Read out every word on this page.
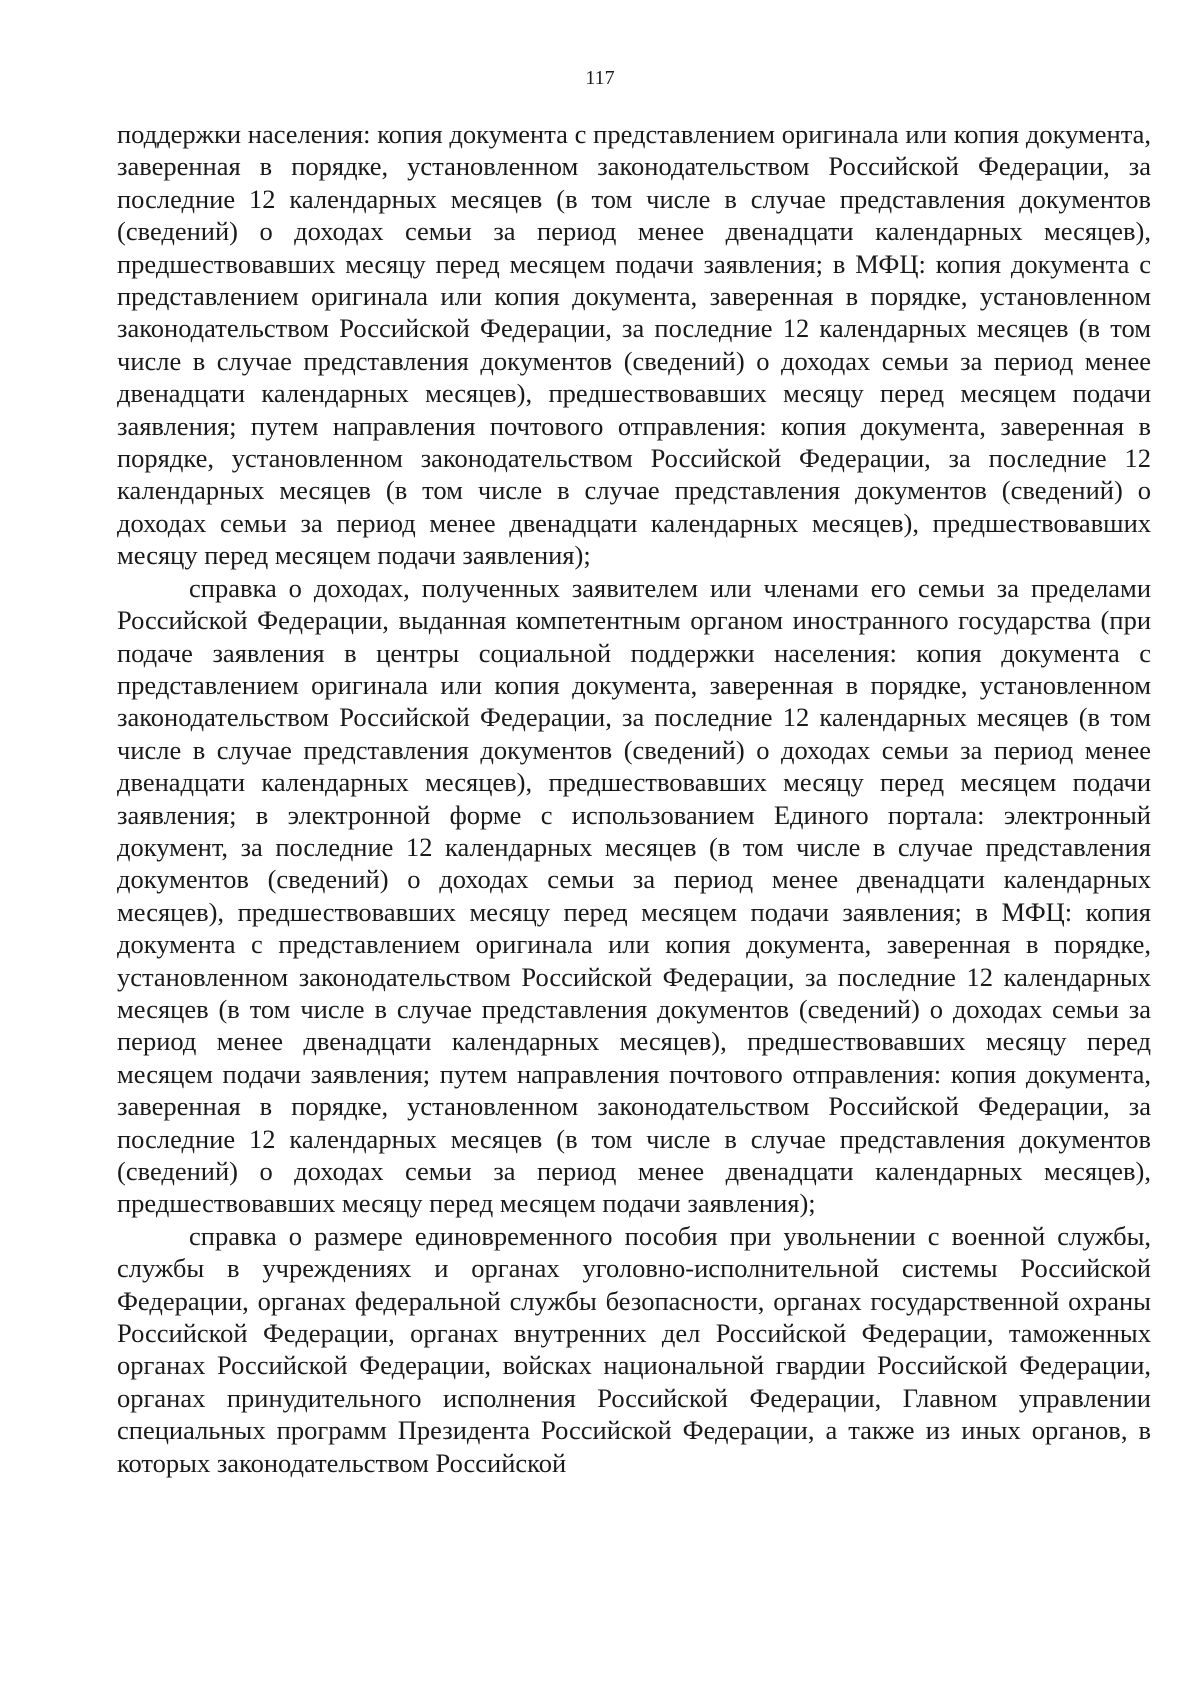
117

поддержки населения: копия документа с представлением оригинала или копия документа, заверенная в порядке, установленном законодательством Российской Федерации, за последние 12 календарных месяцев (в том числе в случае представления документов (сведений) о доходах семьи за период менее двенадцати календарных месяцев), предшествовавших месяцу перед месяцем подачи заявления; в МФЦ: копия документа с представлением оригинала или копия документа, заверенная в порядке, установленном законодательством Российской Федерации, за последние 12 календарных месяцев (в том числе в случае представления документов (сведений) о доходах семьи за период менее двенадцати календарных месяцев), предшествовавших месяцу перед месяцем подачи заявления; путем направления почтового отправления: копия документа, заверенная в порядке, установленном законодательством Российской Федерации, за последние 12 календарных месяцев (в том числе в случае представления документов (сведений) о доходах семьи за период менее двенадцати календарных месяцев), предшествовавших месяцу перед месяцем подачи заявления);

справка о доходах, полученных заявителем или членами его семьи за пределами Российской Федерации, выданная компетентным органом иностранного государства (при подаче заявления в центры социальной поддержки населения: копия документа с представлением оригинала или копия документа, заверенная в порядке, установленном законодательством Российской Федерации, за последние 12 календарных месяцев (в том числе в случае представления документов (сведений) о доходах семьи за период менее двенадцати календарных месяцев), предшествовавших месяцу перед месяцем подачи заявления; в электронной форме с использованием Единого портала: электронный документ, за последние 12 календарных месяцев (в том числе в случае представления документов (сведений) о доходах семьи за период менее двенадцати календарных месяцев), предшествовавших месяцу перед месяцем подачи заявления; в МФЦ: копия документа с представлением оригинала или копия документа, заверенная в порядке, установленном законодательством Российской Федерации, за последние 12 календарных месяцев (в том числе в случае представления документов (сведений) о доходах семьи за период менее двенадцати календарных месяцев), предшествовавших месяцу перед месяцем подачи заявления; путем направления почтового отправления: копия документа, заверенная в порядке, установленном законодательством Российской Федерации, за последние 12 календарных месяцев (в том числе в случае представления документов (сведений) о доходах семьи за период менее двенадцати календарных месяцев), предшествовавших месяцу перед месяцем подачи заявления);

справка о размере единовременного пособия при увольнении с военной службы, службы в учреждениях и органах уголовно-исполнительной системы Российской Федерации, органах федеральной службы безопасности, органах государственной охраны Российской Федерации, органах внутренних дел Российской Федерации, таможенных органах Российской Федерации, войсках национальной гвардии Российской Федерации, органах принудительного исполнения Российской Федерации, Главном управлении специальных программ Президента Российской Федерации, а также из иных органов, в которых законодательством Российской
